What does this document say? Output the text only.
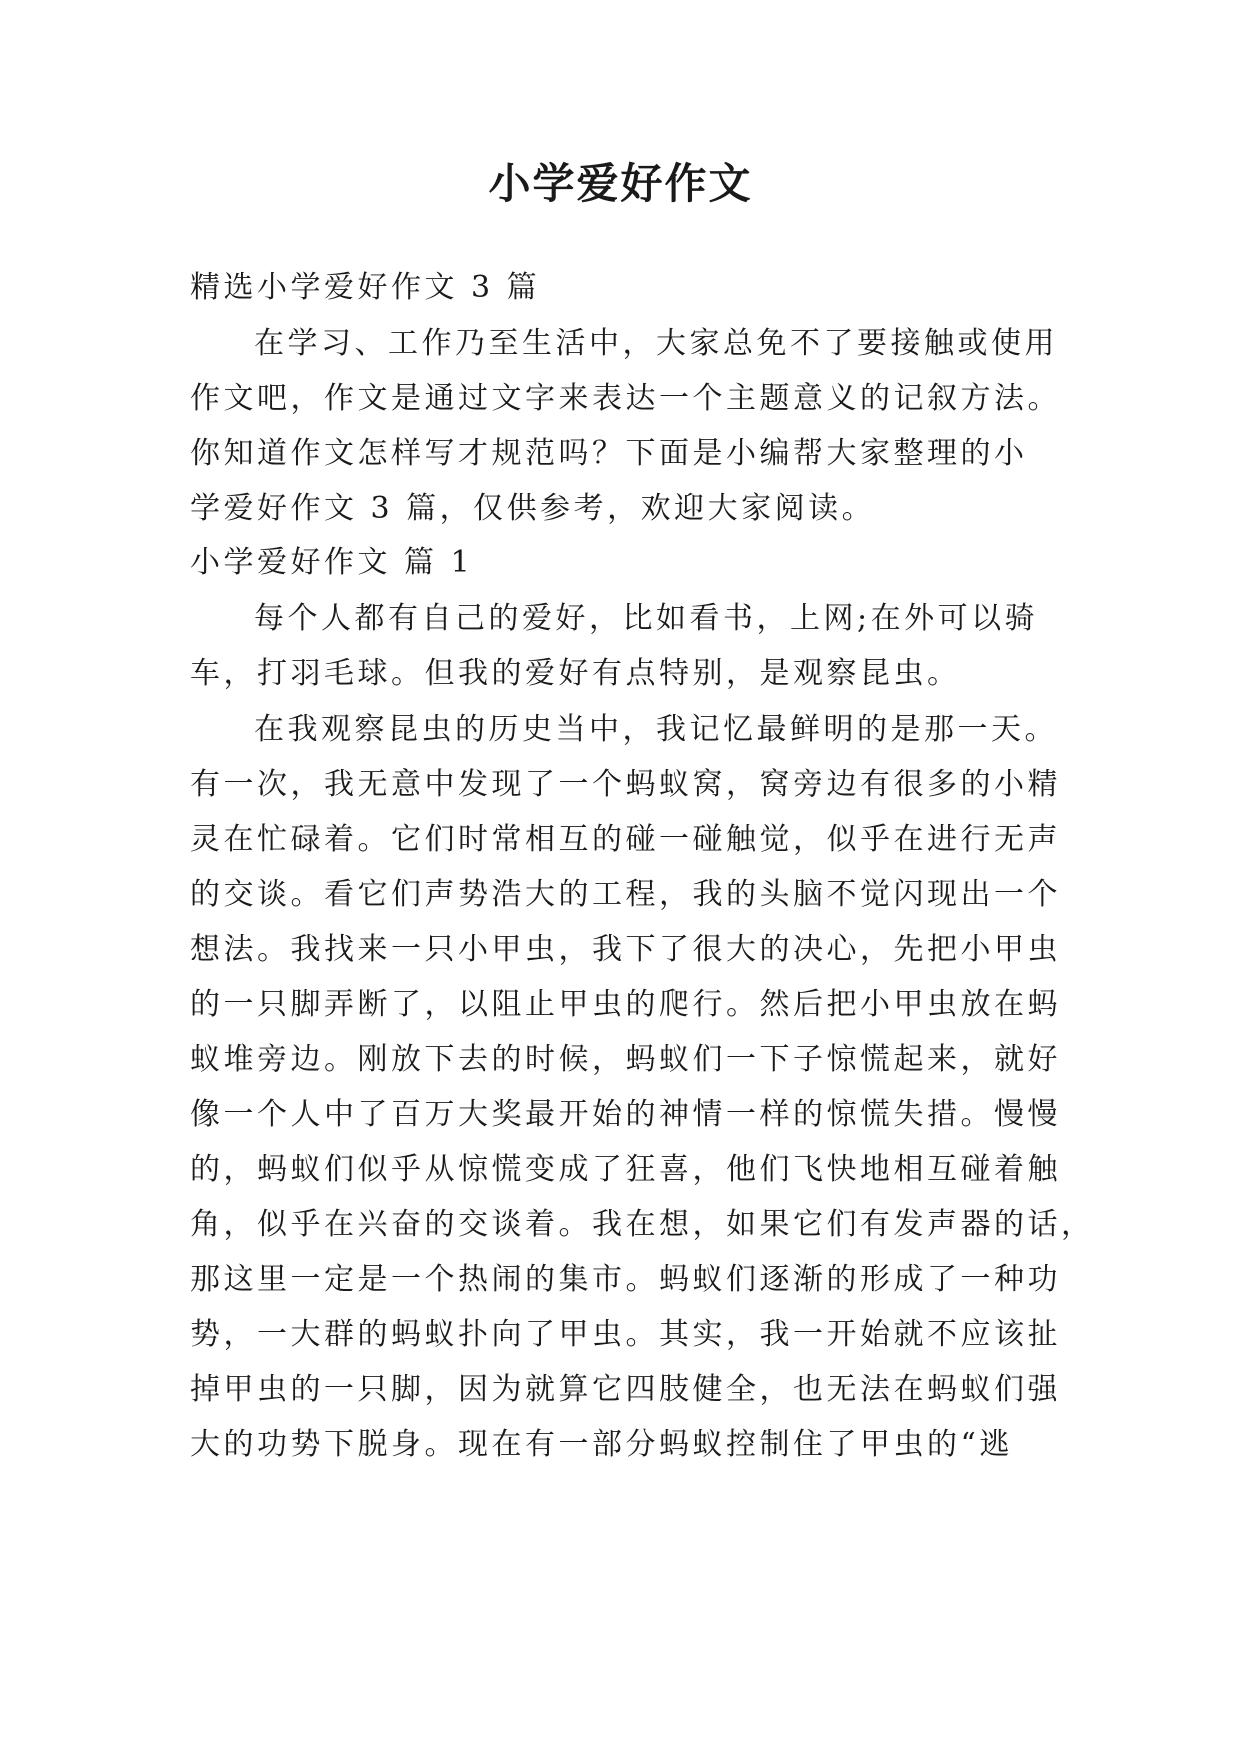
小学爱好作文
精选小学爱好作文 3 篇
在学习、工作乃至生活中，大家总免不了要接触或使用
作文吧，作文是通过文字来表达一个主题意义的记叙方法。
你知道作文怎样写才规范吗？下面是小编帮大家整理的小
学爱好作文 3 篇，仅供参考，欢迎大家阅读。
小学爱好作文 篇 1
每个人都有自己的爱好，比如看书，上网;在外可以骑
车，打羽毛球。但我的爱好有点特别，是观察昆虫。
在我观察昆虫的历史当中，我记忆最鲜明的是那一天。
有一次，我无意中发现了一个蚂蚁窝，窝旁边有很多的小精
灵在忙碌着。它们时常相互的碰一碰触觉，似乎在进行无声
的交谈。看它们声势浩大的工程，我的头脑不觉闪现出一个
想法。我找来一只小甲虫，我下了很大的决心，先把小甲虫
的一只脚弄断了，以阻止甲虫的爬行。然后把小甲虫放在蚂
蚁堆旁边。刚放下去的时候，蚂蚁们一下子惊慌起来，就好
像一个人中了百万大奖最开始的神情一样的惊慌失措。慢慢
的，蚂蚁们似乎从惊慌变成了狂喜，他们飞快地相互碰着触
角，似乎在兴奋的交谈着。我在想，如果它们有发声器的话，
那这里一定是一个热闹的集市。蚂蚁们逐渐的形成了一种功
势，一大群的蚂蚁扑向了甲虫。其实，我一开始就不应该扯
掉甲虫的一只脚，因为就算它四肢健全，也无法在蚂蚁们强
大的功势下脱身。现在有一部分蚂蚁控制住了甲虫的“逃
